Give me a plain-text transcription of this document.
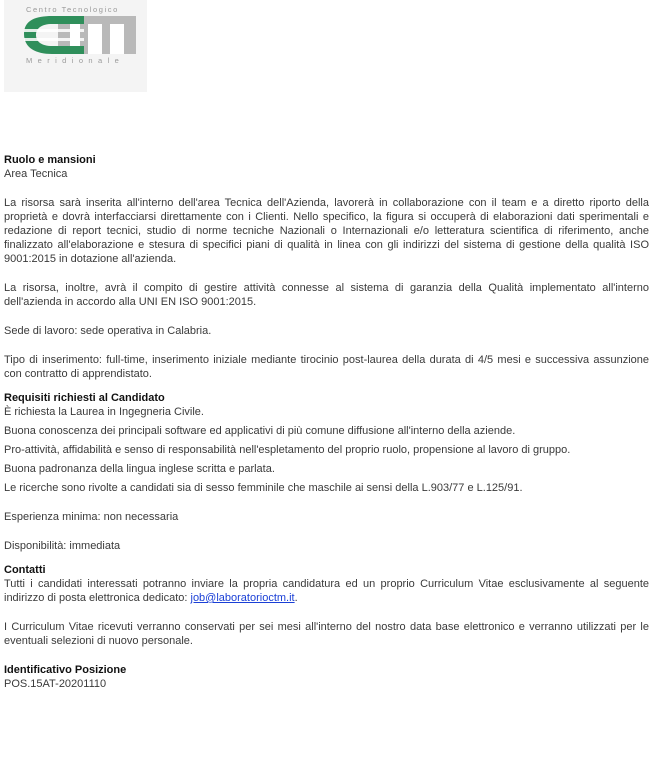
Centro Tecnologico
Meridionale

Ruolo e mansioni

Area Tecnica

La risorsa sarà inserita all'interno dell'area Tecnica dell'Azienda, lavorerà in collaborazione con il team e a diretto riporto della proprietà e dovrà interfacciarsi direttamente con i Clienti. Nello specifico, la figura si occuperà di elaborazioni dati sperimentali e redazione di report tecnici, studio di norme tecniche Nazionali o Internazionali e/o letteratura scientifica di riferimento, anche finalizzato all'elaborazione e stesura di specifici piani di qualità in linea con gli indirizzi del sistema di gestione della qualità ISO 9001:2015 in dotazione all'azienda.

La risorsa, inoltre, avrà il compito di gestire attività connesse al sistema di garanzia della Qualità implementato all'interno dell'azienda in accordo alla UNI EN ISO 9001:2015.

Sede di lavoro: sede operativa in Calabria.

Tipo di inserimento: full-time, inserimento iniziale mediante tirocinio post-laurea della durata di 4/5 mesi e successiva assunzione con contratto di apprendistato.

Requisiti richiesti al Candidato

È richiesta la Laurea in Ingegneria Civile.

Buona conoscenza dei principali software ed applicativi di più comune diffusione all'interno della aziende.

Pro-attività, affidabilità e senso di responsabilità nell'espletamento del proprio ruolo, propensione al lavoro di gruppo.

Buona padronanza della lingua inglese scritta e parlata.

Le ricerche sono rivolte a candidati sia di sesso femminile che maschile ai sensi della L.903/77 e L.125/91.

Esperienza minima: non necessaria

Disponibilità: immediata

Contatti

Tutti i candidati interessati potranno inviare la propria candidatura ed un proprio Curriculum Vitae esclusivamente al seguente indirizzo di posta elettronica dedicato: job@laboratorioctm.it.

I Curriculum Vitae ricevuti verranno conservati per sei mesi all'interno del nostro data base elettronico e verranno utilizzati per le eventuali selezioni di nuovo personale.

Identificativo Posizione

POS.15AT-20201110
